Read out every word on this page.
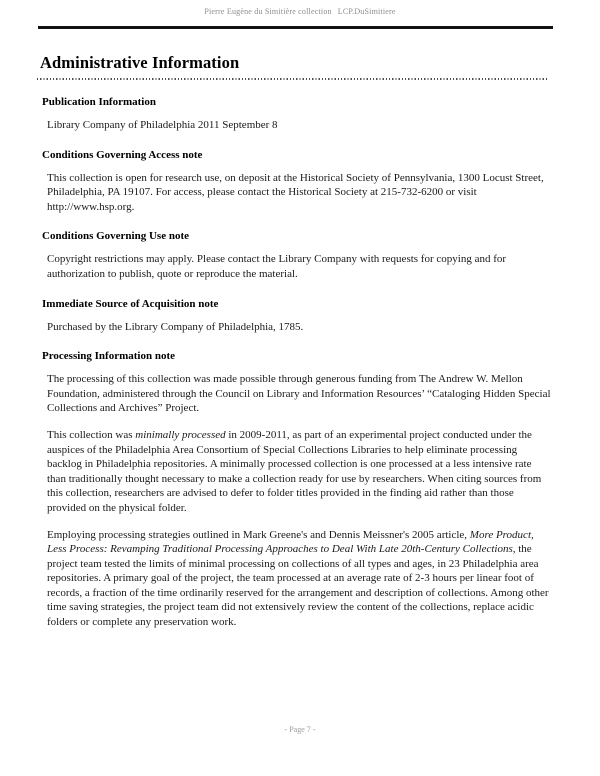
Pierre Eugène du Simitière collection LCP.DuSimitiere
Administrative Information
Publication Information

Library Company of Philadelphia 2011 September 8

Conditions Governing Access note

This collection is open for research use, on deposit at the Historical Society of Pennsylvania, 1300 Locust Street, Philadelphia, PA 19107. For access, please contact the Historical Society at 215-732-6200 or visit http://www.hsp.org.

Conditions Governing Use note

Copyright restrictions may apply. Please contact the Library Company with requests for copying and for authorization to publish, quote or reproduce the material.

Immediate Source of Acquisition note

Purchased by the Library Company of Philadelphia, 1785.

Processing Information note

The processing of this collection was made possible through generous funding from The Andrew W. Mellon Foundation, administered through the Council on Library and Information Resources’ “Cataloging Hidden Special Collections and Archives” Project.

This collection was minimally processed in 2009-2011, as part of an experimental project conducted under the auspices of the Philadelphia Area Consortium of Special Collections Libraries to help eliminate processing backlog in Philadelphia repositories. A minimally processed collection is one processed at a less intensive rate than traditionally thought necessary to make a collection ready for use by researchers. When citing sources from this collection, researchers are advised to defer to folder titles provided in the finding aid rather than those provided on the physical folder.

Employing processing strategies outlined in Mark Greene's and Dennis Meissner's 2005 article, More Product, Less Process: Revamping Traditional Processing Approaches to Deal With Late 20th-Century Collections, the project team tested the limits of minimal processing on collections of all types and ages, in 23 Philadelphia area repositories. A primary goal of the project, the team processed at an average rate of 2-3 hours per linear foot of records, a fraction of the time ordinarily reserved for the arrangement and description of collections. Among other time saving strategies, the project team did not extensively review the content of the collections, replace acidic folders or complete any preservation work.

- Page 7 -
